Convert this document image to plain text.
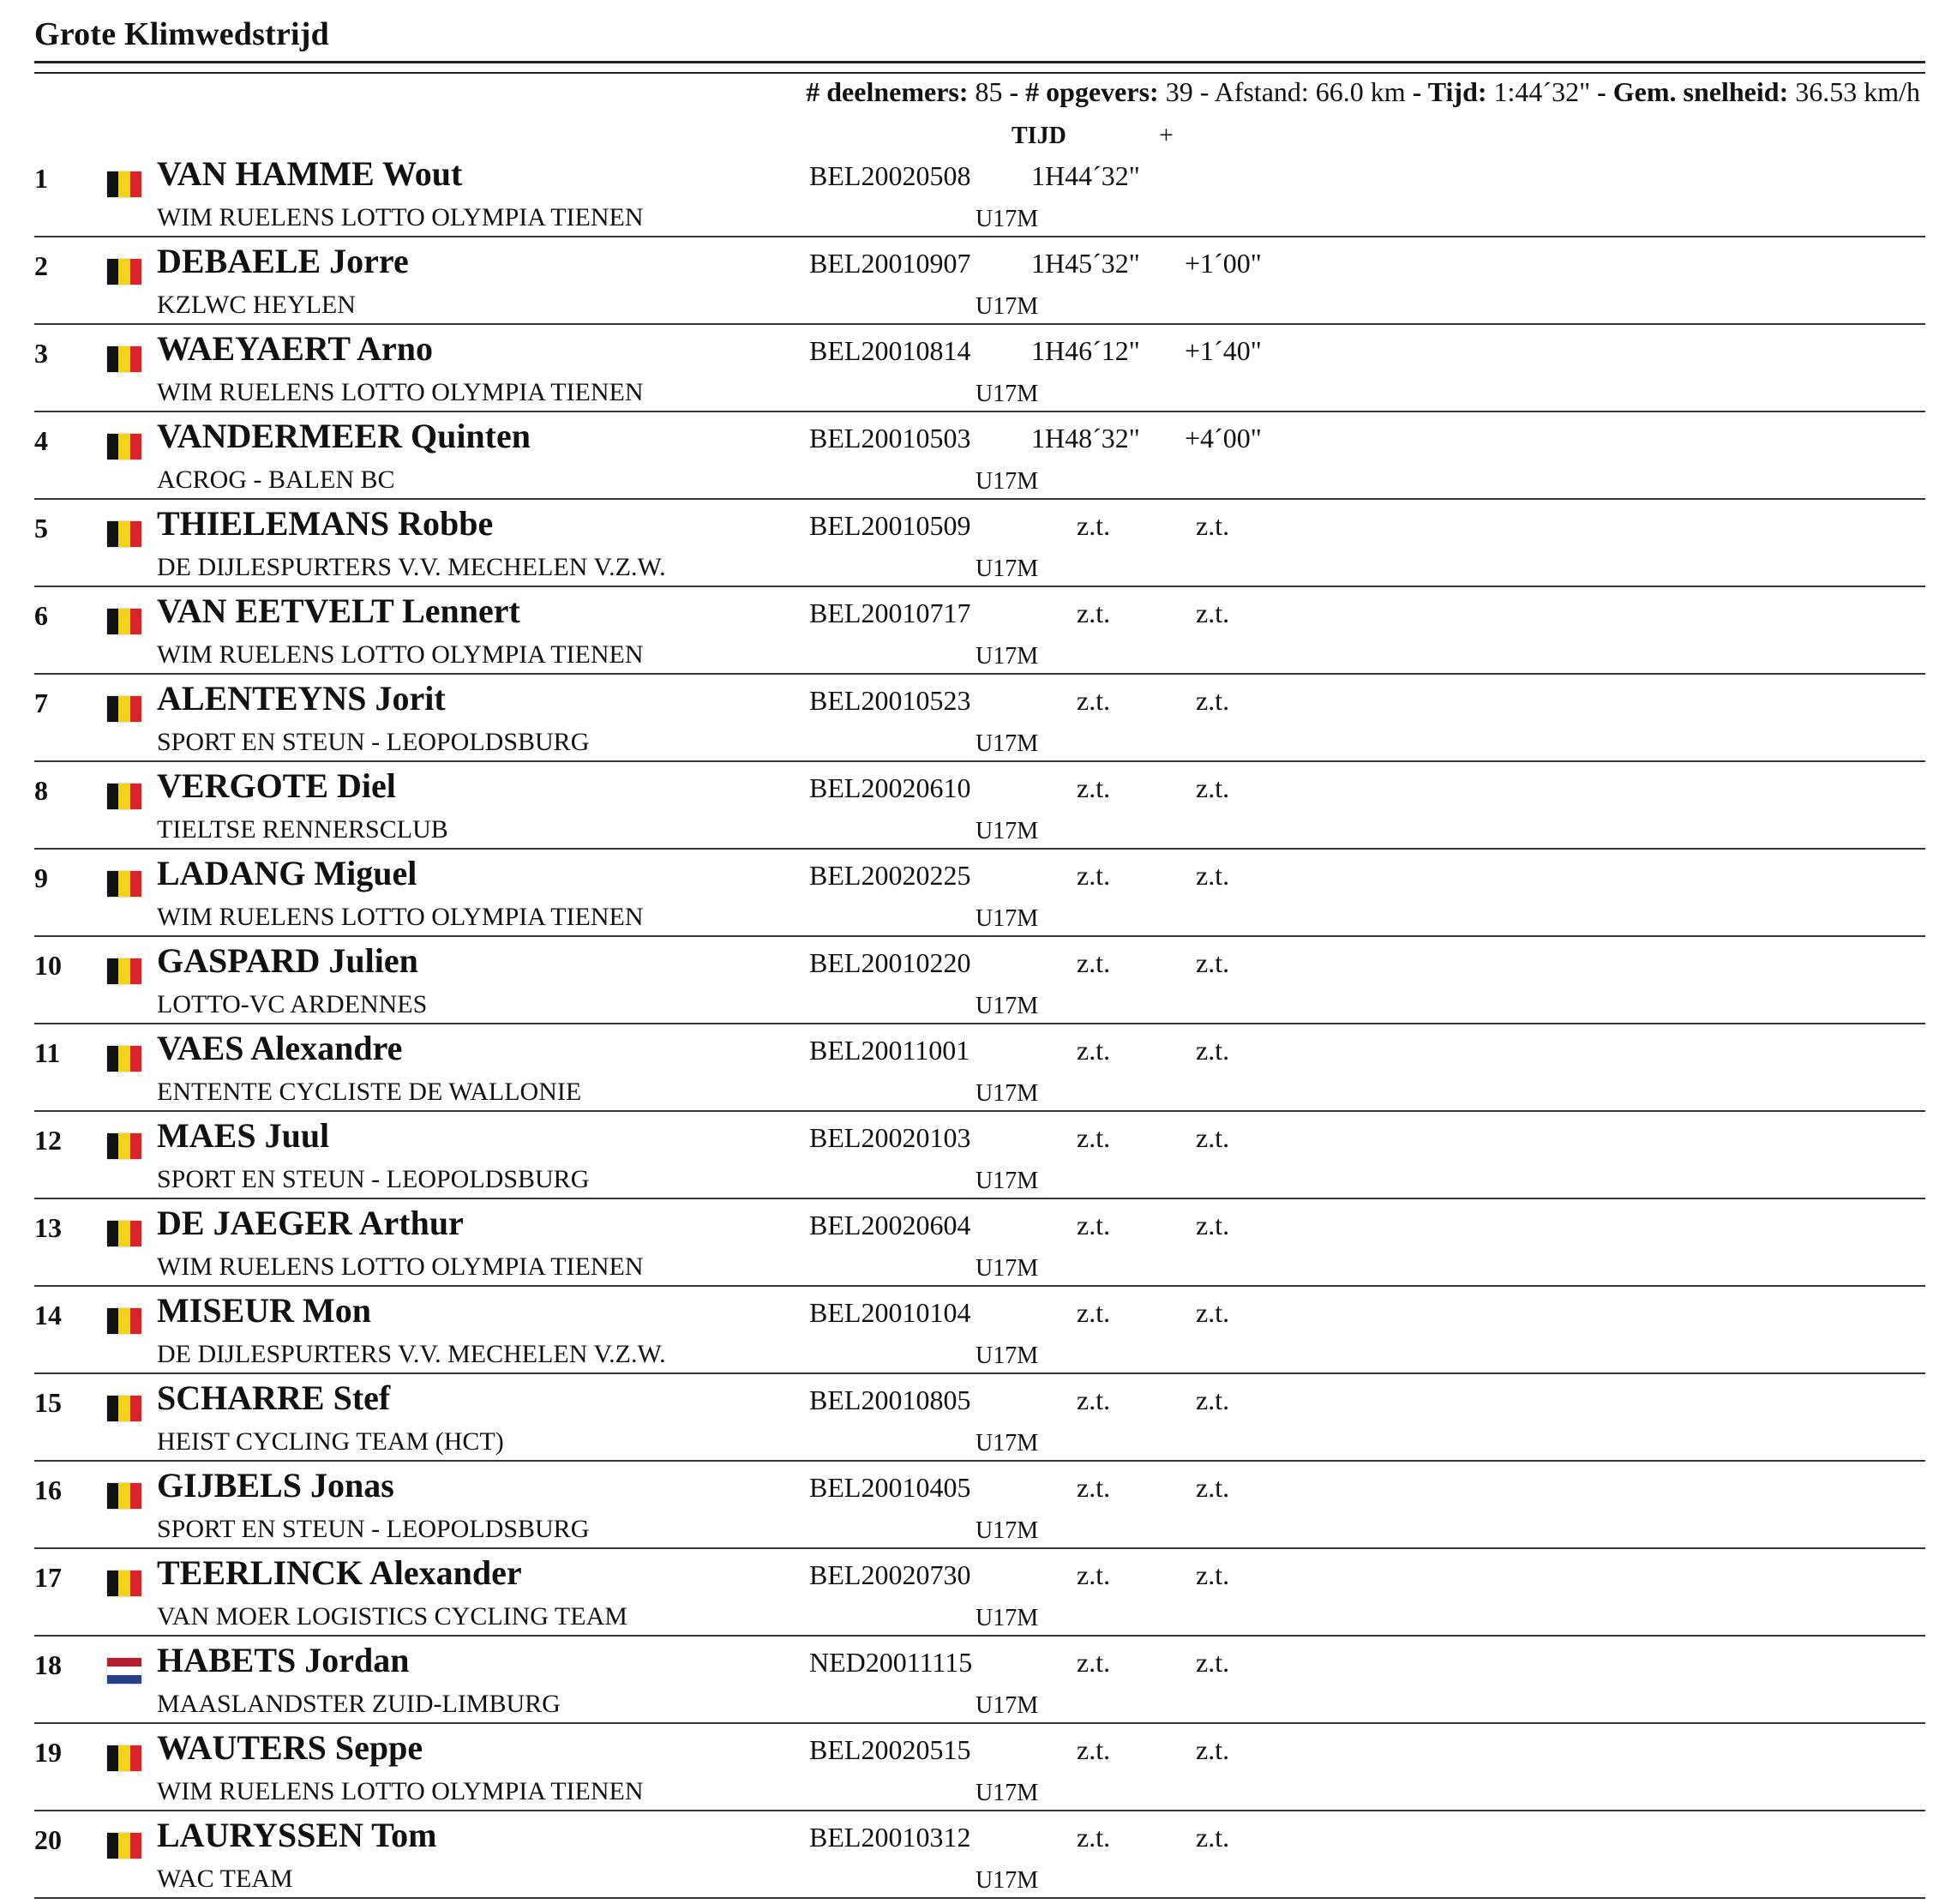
Grote Klimwedstrijd
# deelnemers: 85 - # opgevers: 39 - Afstand: 66.0 km - Tijd: 1:44´32" - Gem. snelheid: 36.53 km/h
TIJD	+
1	VAN HAMME Wout
WIM RUELENS LOTTO OLYMPIA TIENEN
BEL20020508
U17M
1H44´32"
2	DEBAELE Jorre
KZLWC HEYLEN
BEL20010907
U17M
1H45´32" +1´00"
3	WAEYAERT Arno
WIM RUELENS LOTTO OLYMPIA TIENEN
BEL20010814
U17M
1H46´12" +1´40"
4	VANDERMEER Quinten
ACROG - BALEN BC
BEL20010503
U17M
1H48´32" +4´00"
5	THIELEMANS Robbe
DE DIJLESPURTERS V.V. MECHELEN V.Z.W.
BEL20010509
U17M
z.t.	z.t.
6	VAN EETVELT Lennert
WIM RUELENS LOTTO OLYMPIA TIENEN
BEL20010717
U17M
z.t.	z.t.
7	ALENTEYNS Jorit
SPORT EN STEUN - LEOPOLDSBURG
BEL20010523
U17M
z.t.	z.t.
8	VERGOTE Diel
TIELTSE RENNERSCLUB
BEL20020610
U17M
z.t.	z.t.
9	LADANG Miguel
WIM RUELENS LOTTO OLYMPIA TIENEN
BEL20020225
U17M
z.t.	z.t.
10	GASPARD Julien
LOTTO-VC ARDENNES
BEL20010220
U17M
z.t.	z.t.
11	VAES Alexandre
ENTENTE CYCLISTE DE WALLONIE
BEL20011001
U17M
z.t.	z.t.
12	MAES Juul
SPORT EN STEUN - LEOPOLDSBURG
BEL20020103
U17M
z.t.	z.t.
13	DE JAEGER Arthur
WIM RUELENS LOTTO OLYMPIA TIENEN
BEL20020604
U17M
z.t.	z.t.
14	MISEUR Mon
DE DIJLESPURTERS V.V. MECHELEN V.Z.W.
BEL20010104
U17M
z.t.	z.t.
15	SCHARRE Stef
HEIST CYCLING TEAM (HCT)
BEL20010805
U17M
z.t.	z.t.
16	GIJBELS Jonas
SPORT EN STEUN - LEOPOLDSBURG
BEL20010405
U17M
z.t.	z.t.
17	TEERLINCK Alexander
VAN MOER LOGISTICS CYCLING TEAM
BEL20020730
U17M
z.t.	z.t.
18	HABETS Jordan
MAASLANDSTER ZUID-LIMBURG
NED20011115
U17M
z.t.	z.t.
19	WAUTERS Seppe
WIM RUELENS LOTTO OLYMPIA TIENEN
BEL20020515
U17M
z.t.	z.t.
20	LAURYSSEN Tom
WAC TEAM
BEL20010312
U17M
z.t.	z.t.
